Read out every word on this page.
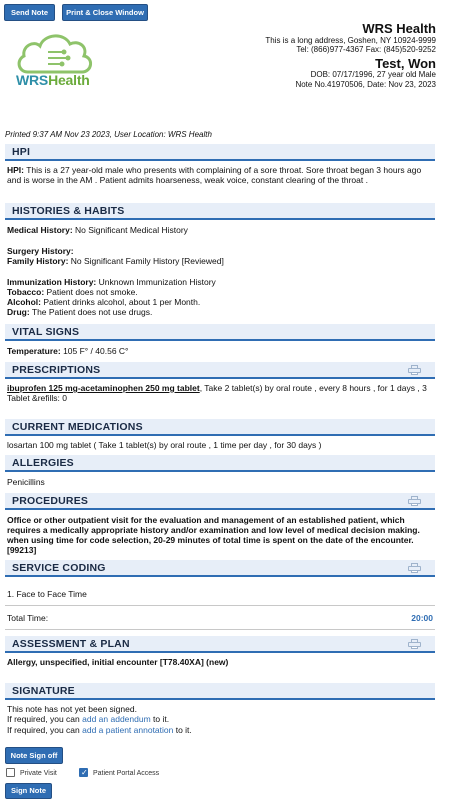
Send Note	Print & Close Window
WRSHealth
WRS Health
This is a long address, Goshen, NY 10924-9999
Tel: (866)977-4367 Fax: (845)520-9252
Test, Won
DOB: 07/17/1996, 27 year old Male
Note No.41970506, Date: Nov 23, 2023
Printed 9:37 AM Nov 23 2023, User Location: WRS Health
HPI
HPI: This is a 27 year-old male who presents with complaining of a sore throat. Sore throat began 3 hours ago and is worse in the AM . Patient admits hoarseness, weak voice, constant clearing of the throat .
HISTORIES & HABITS
Medical History: No Significant Medical History
Surgery History:
Family History: No Significant Family History [Reviewed]
Immunization History: Unknown Immunization History
Tobacco: Patient does not smoke.
Alcohol: Patient drinks alcohol, about 1 per Month.
Drug: The Patient does not use drugs.
VITAL SIGNS
Temperature: 105 F° / 40.56 C°
PRESCRIPTIONS
ibuprofen 125 mg-acetaminophen 250 mg tablet, Take 2 tablet(s) by oral route , every 8 hours , for 1 days , 3 Tablet &refills: 0
CURRENT MEDICATIONS
losartan 100 mg tablet ( Take 1 tablet(s) by oral route , 1 time per day , for 30 days )
ALLERGIES
Penicillins
PROCEDURES
Office or other outpatient visit for the evaluation and management of an established patient, which requires a medically appropriate history and/or examination and low level of medical decision making. when using time for code selection, 20-29 minutes of total time is spent on the date of the encounter. [99213]
SERVICE CODING
1. Face to Face Time
Total Time:	20:00
ASSESSMENT & PLAN
Allergy, unspecified, initial encounter [T78.40XA] (new)
SIGNATURE
This note has not yet been signed.
If required, you can add an addendum to it.
If required, you can add a patient annotation to it.
Note Sign off
Private Visit
✓	Patient Portal Access
Sign Note
